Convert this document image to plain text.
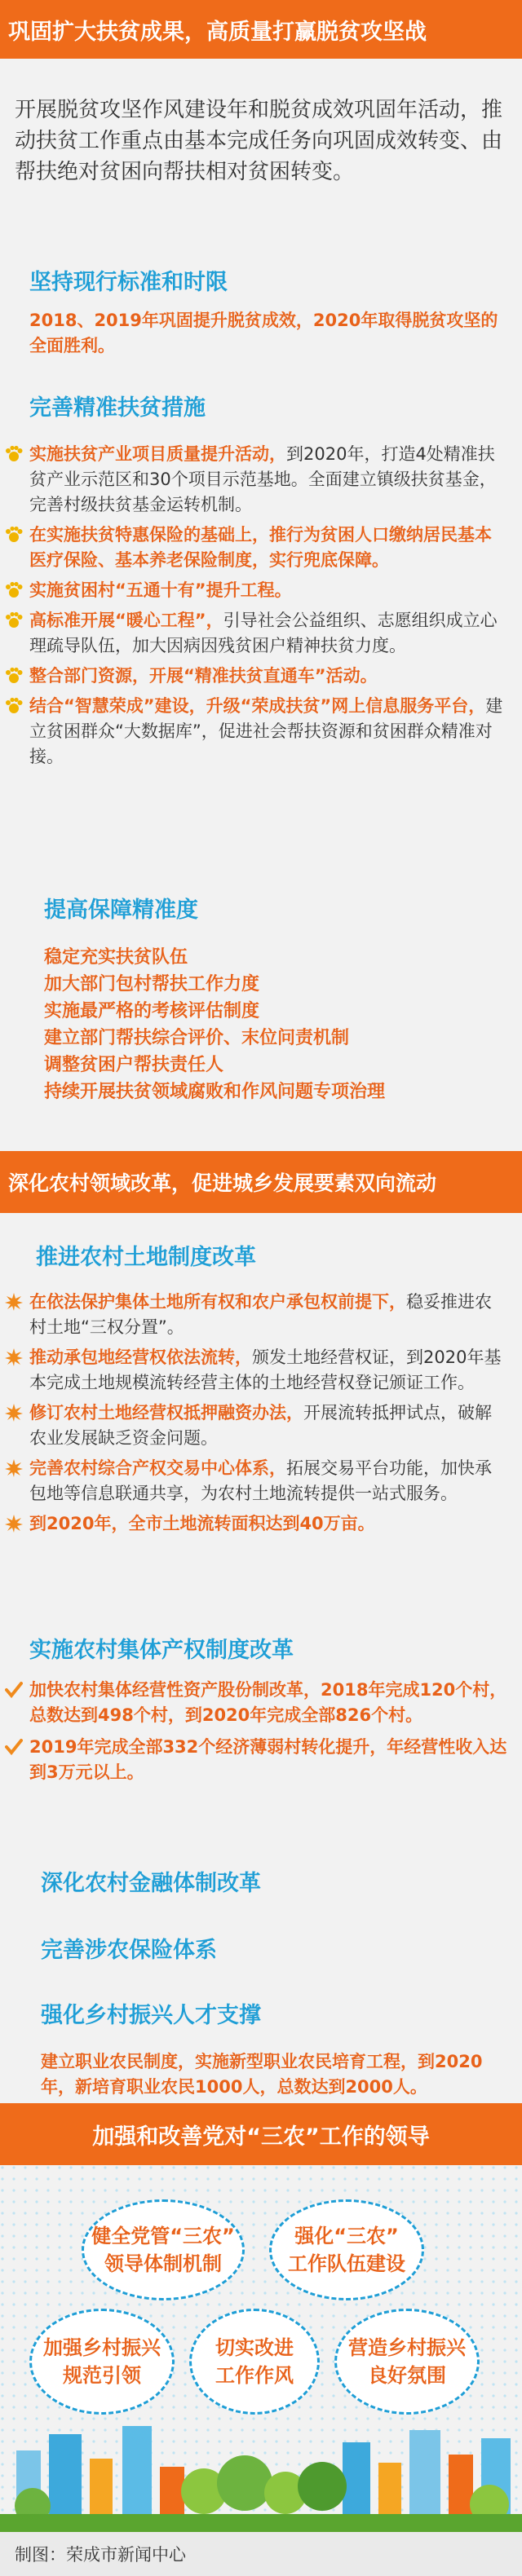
巩固扩大扶贫成果，高质量打赢脱贫攻坚战
开展脱贫攻坚作风建设年和脱贫成效巩固年活动，推动扶贫工作重点由基本完成任务向巩固成效转变、由帮扶绝对贫困向帮扶相对贫困转变。
坚持现行标准和时限
2018、2019年巩固提升脱贫成效，2020年取得脱贫攻坚的全面胜利。
完善精准扶贫措施
实施扶贫产业项目质量提升活动，到2020年，打造4处精准扶贫产业示范区和30个项目示范基地。全面建立镇级扶贫基金，完善村级扶贫基金运转机制。
在实施扶贫特惠保险的基础上，推行为贫困人口缴纳居民基本医疗保险、基本养老保险制度，实行兜底保障。
实施贫困村“五通十有”提升工程。
高标准开展“暖心工程”，引导社会公益组织、志愿组织成立心理疏导队伍，加大因病因残贫困户精神扶贫力度。
整合部门资源，开展“精准扶贫直通车”活动。
结合“智慧荣成”建设，升级“荣成扶贫”网上信息服务平台，建立贫困群众“大数据库”，促进社会帮扶资源和贫困群众精准对接。
提高保障精准度
稳定充实扶贫队伍
加大部门包村帮扶工作力度
实施最严格的考核评估制度
建立部门帮扶综合评价、末位问责机制
调整贫困户帮扶责任人
持续开展扶贫领域腐败和作风问题专项治理
深化农村领域改革，促进城乡发展要素双向流动
推进农村土地制度改革
在依法保护集体土地所有权和农户承包权前提下，稳妥推进农村土地“三权分置”。
推动承包地经营权依法流转，颁发土地经营权证，到2020年基本完成土地规模流转经营主体的土地经营权登记颁证工作。
修订农村土地经营权抵押融资办法，开展流转抵押试点，破解农业发展缺乏资金问题。
完善农村综合产权交易中心体系，拓展交易平台功能，加快承包地等信息联通共享，为农村土地流转提供一站式服务。
到2020年，全市土地流转面积达到40万亩。
实施农村集体产权制度改革
加快农村集体经营性资产股份制改革，2018年完成120个村，总数达到498个村，到2020年完成全部826个村。
2019年完成全部332个经济薄弱村转化提升，年经营性收入达到3万元以上。
深化农村金融体制改革
完善涉农保险体系
强化乡村振兴人才支撑
建立职业农民制度，实施新型职业农民培育工程，到2020年，新培育职业农民1000人，总数达到2000人。
加强和改善党对“三农”工作的领导
健全党管“三农”
领导体制机制
强化“三农”
工作队伍建设
加强乡村振兴
规范引领
切实改进
工作作风
营造乡村振兴
良好氛围
制图：荣成市新闻中心
